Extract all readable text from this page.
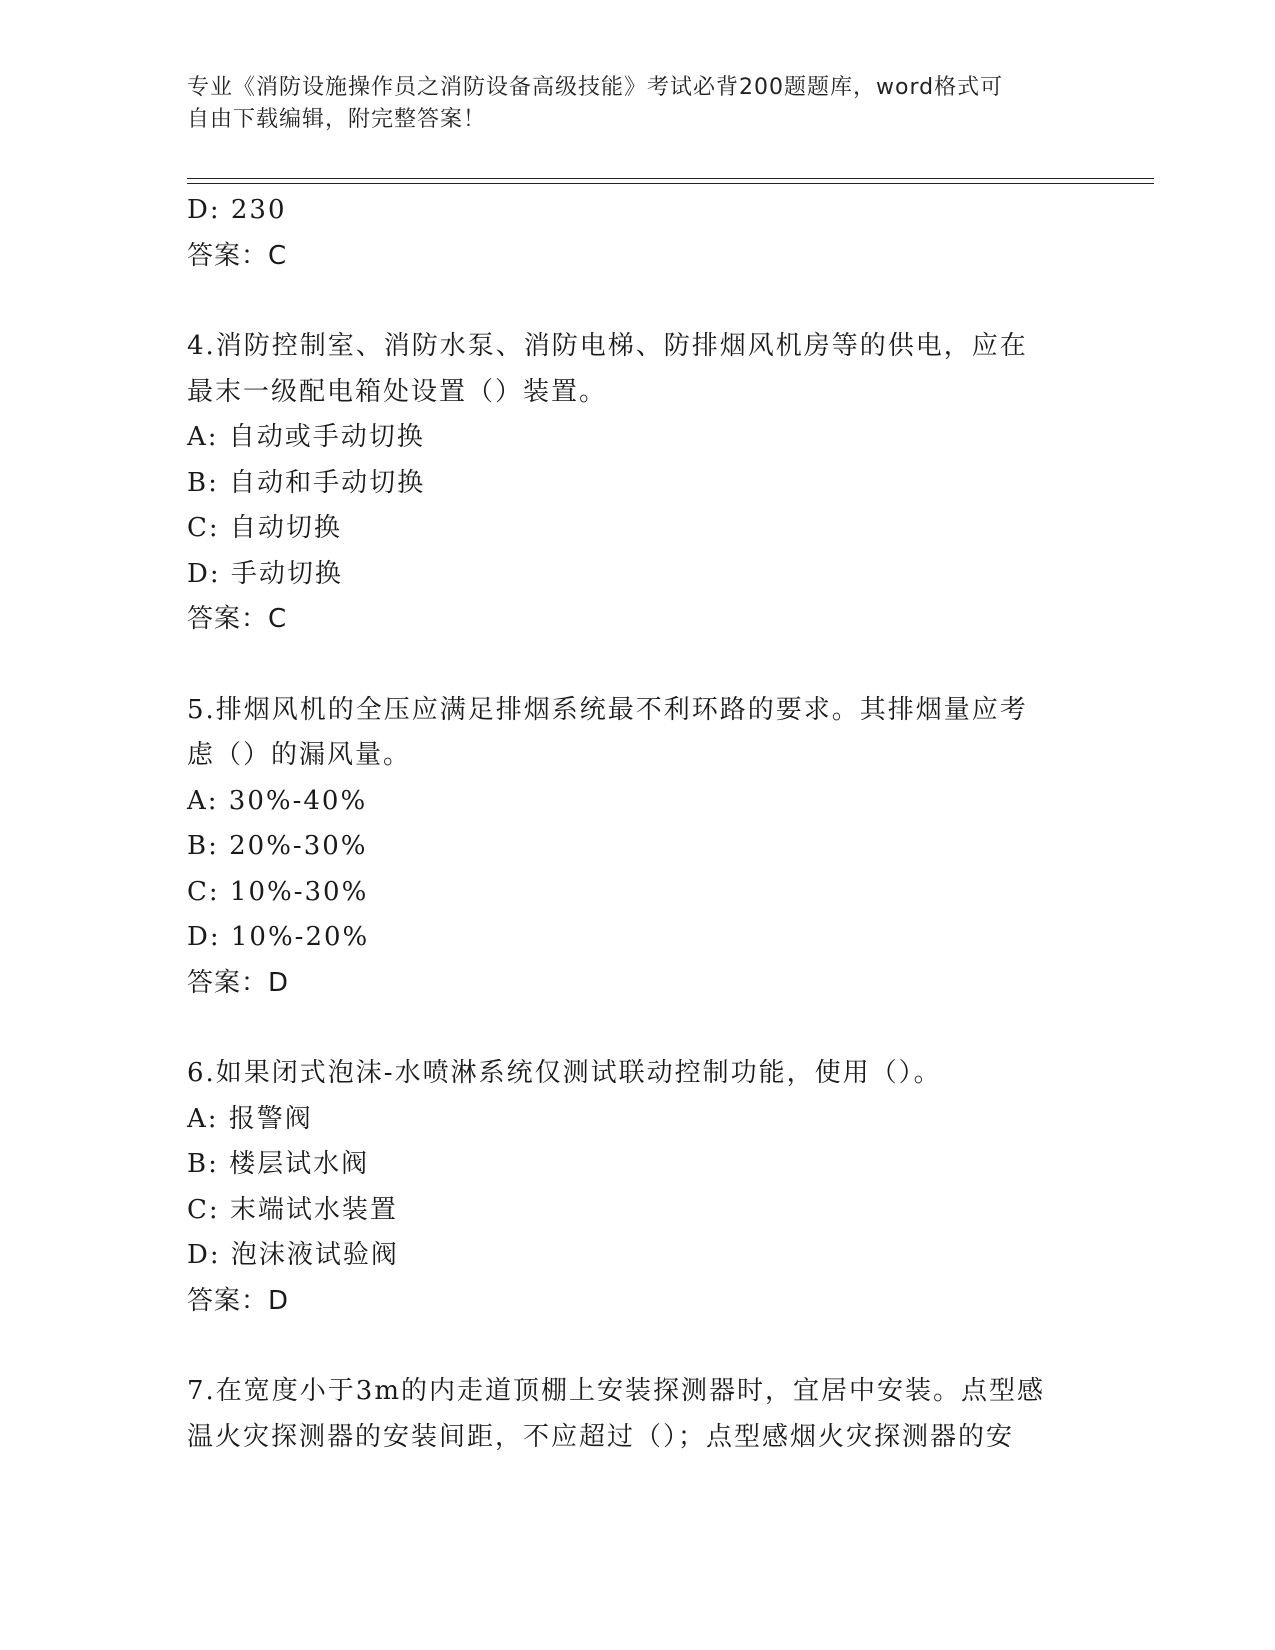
专业《消防设施操作员之消防设备高级技能》考试必背200题题库，word格式可
自由下载编辑，附完整答案！
D: 230
答案：C
4.消防控制室、消防水泵、消防电梯、防排烟风机房等的供电，应在
最末一级配电箱处设置（）装置。
A: 自动或手动切换
B: 自动和手动切换
C: 自动切换
D: 手动切换
答案：C
5.排烟风机的全压应满足排烟系统最不利环路的要求。其排烟量应考
虑（）的漏风量。
A: 30%-40%
B: 20%-30%
C: 10%-30%
D: 10%-20%
答案：D
6.如果闭式泡沫-水喷淋系统仅测试联动控制功能，使用（）。
A: 报警阀
B: 楼层试水阀
C: 末端试水装置
D: 泡沫液试验阀
答案：D
7.在宽度小于3m的内走道顶棚上安装探测器时，宜居中安装。点型感
温火灾探测器的安装间距，不应超过（）；点型感烟火灾探测器的安
